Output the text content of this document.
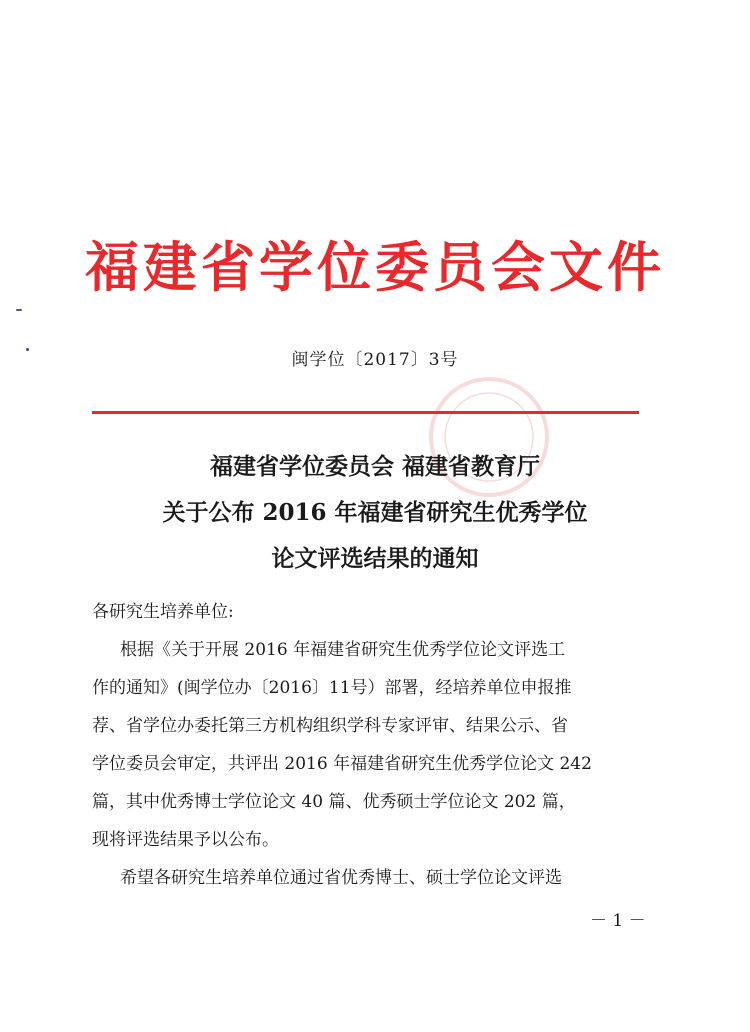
福建省学位委员会文件
闽学位〔2017〕3号
福建省学位委员会 福建省教育厅
关于公布 2016 年福建省研究生优秀学位
论文评选结果的通知
各研究生培养单位:
根据《关于开展 2016 年福建省研究生优秀学位论文评选工
作的通知》(闽学位办〔2016〕11号）部署，经培养单位申报推
荐、省学位办委托第三方机构组织学科专家评审、结果公示、省
学位委员会审定，共评出 2016 年福建省研究生优秀学位论文 242
篇，其中优秀博士学位论文 40 篇、优秀硕士学位论文 202 篇，
现将评选结果予以公布。
希望各研究生培养单位通过省优秀博士、硕士学位论文评选
－ 1 －
